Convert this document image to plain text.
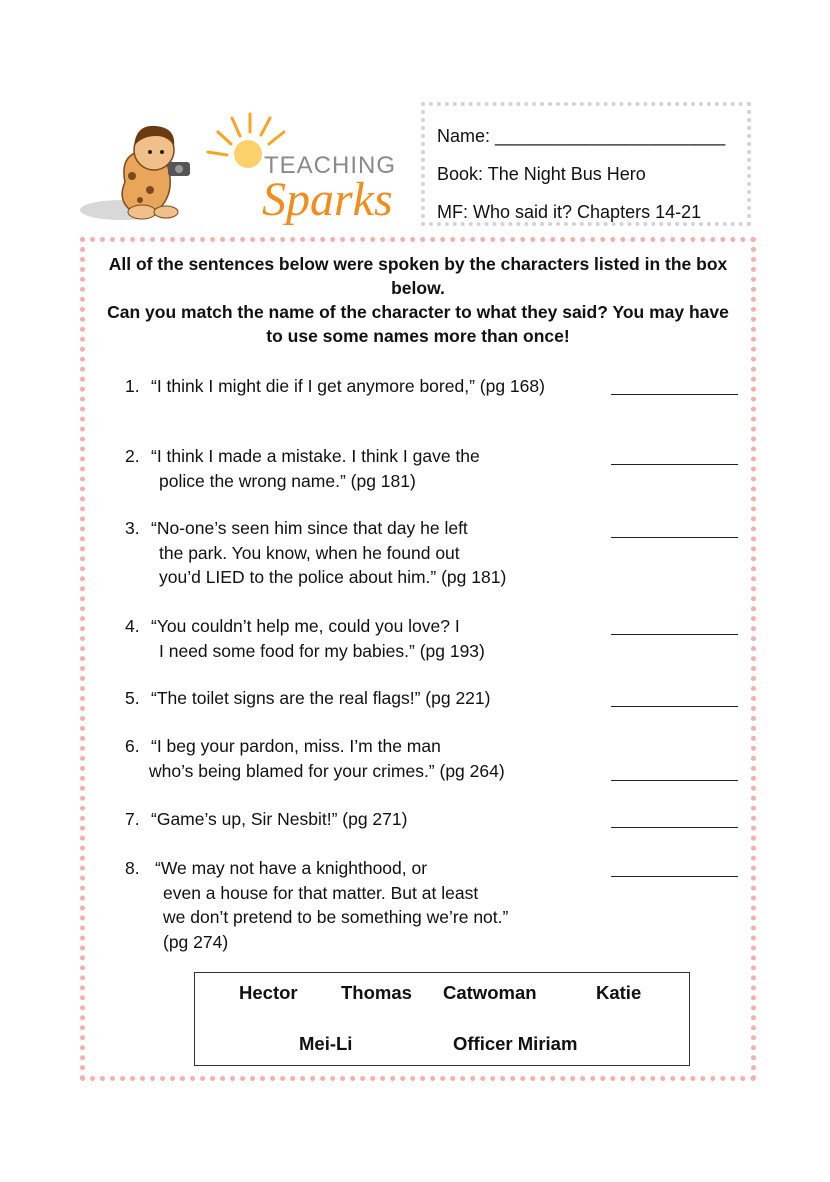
TEACHING
Sparks
Name: _______________________
Book: The Night Bus Hero
MF: Who said it? Chapters 14-21
All of the sentences below were spoken by the characters listed in the box below.
Can you match the name of the character to what they said? You may have to use some names more than once!
1. “I think I might die if I get anymore bored,” (pg 168)
2. “I think I made a mistake. I think I gave the
police the wrong name.” (pg 181)
3. “No-one’s seen him since that day he left
the park. You know, when he found out
you’d LIED to the police about him.” (pg 181)
4. “You couldn’t help me, could you love? I
I need some food for my babies.” (pg 193)
5. “The toilet signs are the real flags!” (pg 221)
6. “I beg your pardon, miss. I’m the man
who’s being blamed for your crimes.” (pg 264)
7. “Game’s up, Sir Nesbit!” (pg 271)
8. “We may not have a knighthood, or
even a house for that matter. But at least
we don’t pretend to be something we’re not.”
(pg 274)
Hector Thomas Catwoman	Katie
Mei-Li	Officer Miriam
